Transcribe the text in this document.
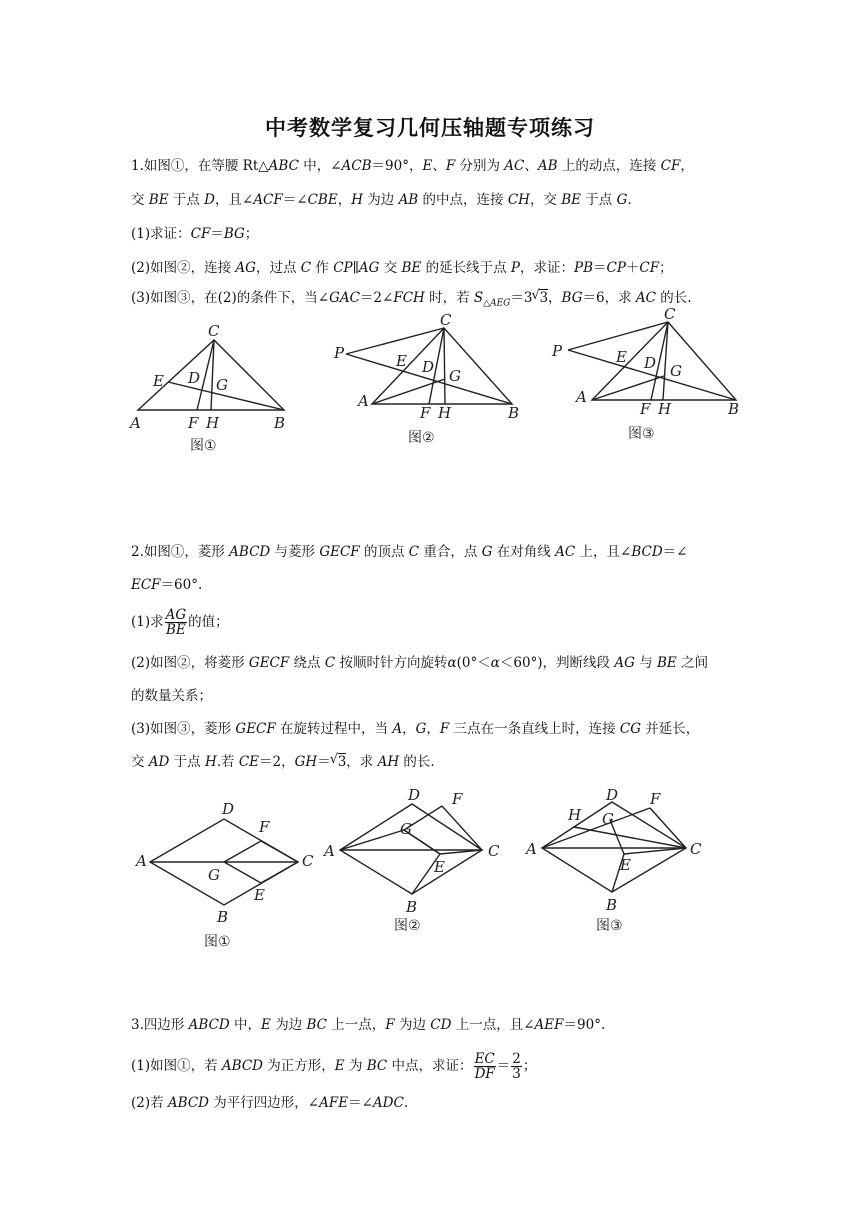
中考数学复习几何压轴题专项练习
1.如图①，在等腰 Rt△ABC 中，∠ACB＝90°，E、F 分别为 AC、AB 上的动点，连接 CF，
交 BE 于点 D，且∠ACF＝∠CBE，H 为边 AB 的中点，连接 CH，交 BE 于点 G.
(1)求证：CF＝BG；
(2)如图②，连接 AG，过点 C 作 CP∥AG 交 BE 的延长线于点 P，求证：PB＝CP＋CF；
(3)如图③，在(2)的条件下，当∠GAC＝2∠FCH 时，若 $S_{\triangle AEG}=3√$ 3，BG＝6，求 AC 的长.
C
E D G
A	F H	B
图①
C
P	E D G
A
F H	B
图②
C
P	E D G
A
F H	B
图③
2.如图①，菱形 ABCD 与菱形 GECF 的顶点 C 重合，点 G 在对角线 AC 上，且∠BCD＝∠
ECF＝60°.
(1)求 $\frac{AG}{BE}$ 的值；
(2)如图②，将菱形 GECF 绕点 C 按顺时针方向旋转α(0°＜α＜60°)，判断线段 AG 与 BE 之间
的数量关系；
(3)如图③，菱形 GECF 在旋转过程中，当 A，G，F 三点在一条直线上时，连接 CG 并延长，
交 AD 于点 H.若 CE＝2，GH＝√ 3，求 AH 的长.
D
F
A	C
G
E
B
图①
D F
G
A	C
E
B
图②
D
H
F
G
A	C
E
B
图③
3.四边形 ABCD 中，E 为边 BC 上一点，F 为边 CD 上一点，且∠AEF＝90°.
(1)如图①，若 ABCD 为正方形，E 为 BC 中点，求证： $\frac{EC}{DF} = \frac{2}{3}$ ；
(2)若 ABCD 为平行四边形，∠AFE＝∠ADC.
